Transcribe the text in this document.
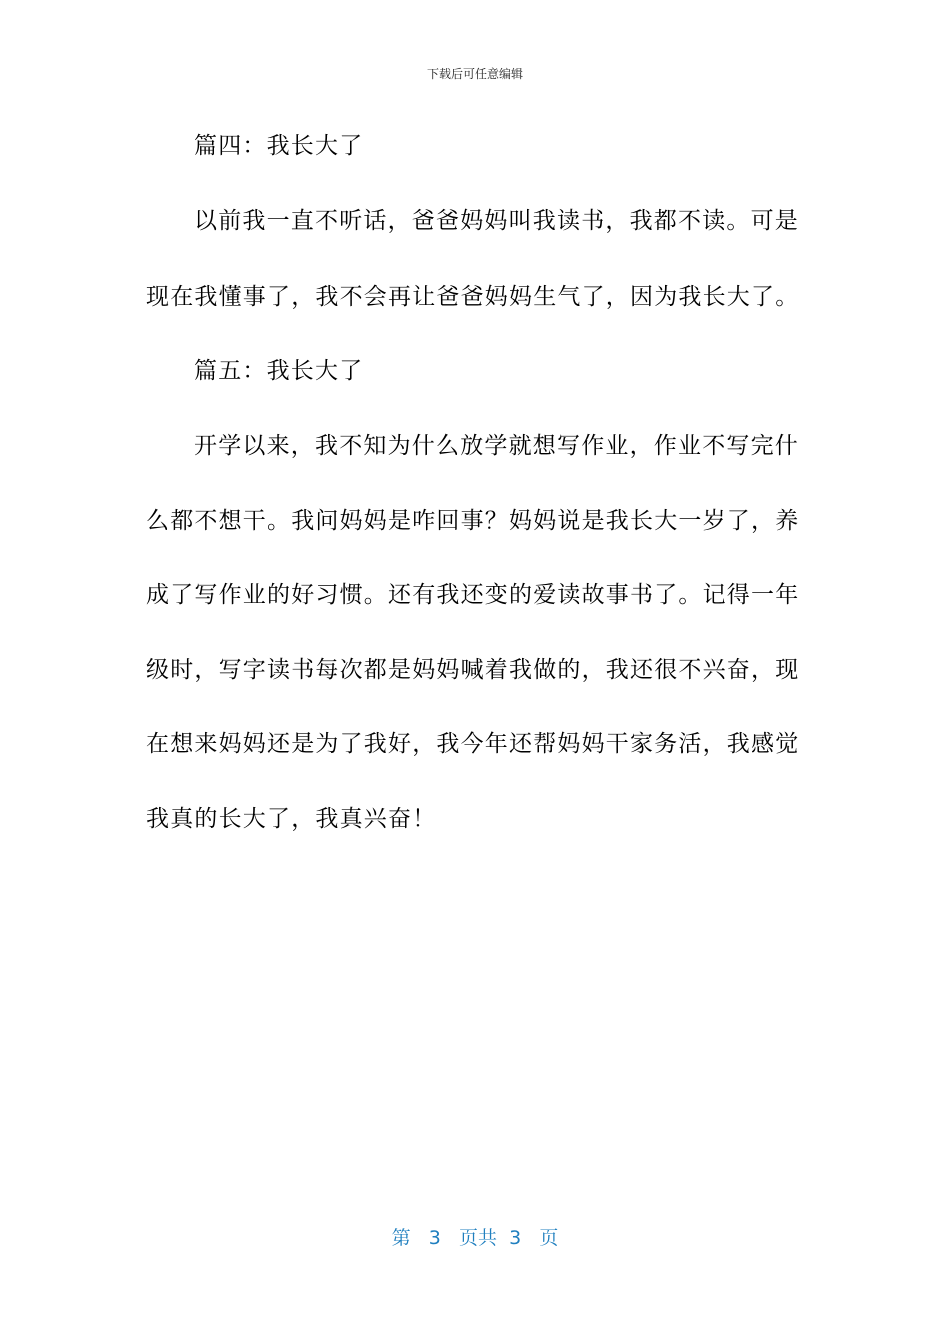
下载后可任意编辑
篇四：我长大了
以前我一直不听话，爸爸妈妈叫我读书，我都不读。可是
现在我懂事了，我不会再让爸爸妈妈生气了，因为我长大了。
篇五：我长大了
开学以来，我不知为什么放学就想写作业，作业不写完什
么都不想干。我问妈妈是咋回事？妈妈说是我长大一岁了，养
成了写作业的好习惯。还有我还变的爱读故事书了。记得一年
级时，写字读书每次都是妈妈喊着我做的，我还很不兴奋，现
在想来妈妈还是为了我好，我今年还帮妈妈干家务活，我感觉
我真的长大了，我真兴奋！
第 3 页共 3 页
